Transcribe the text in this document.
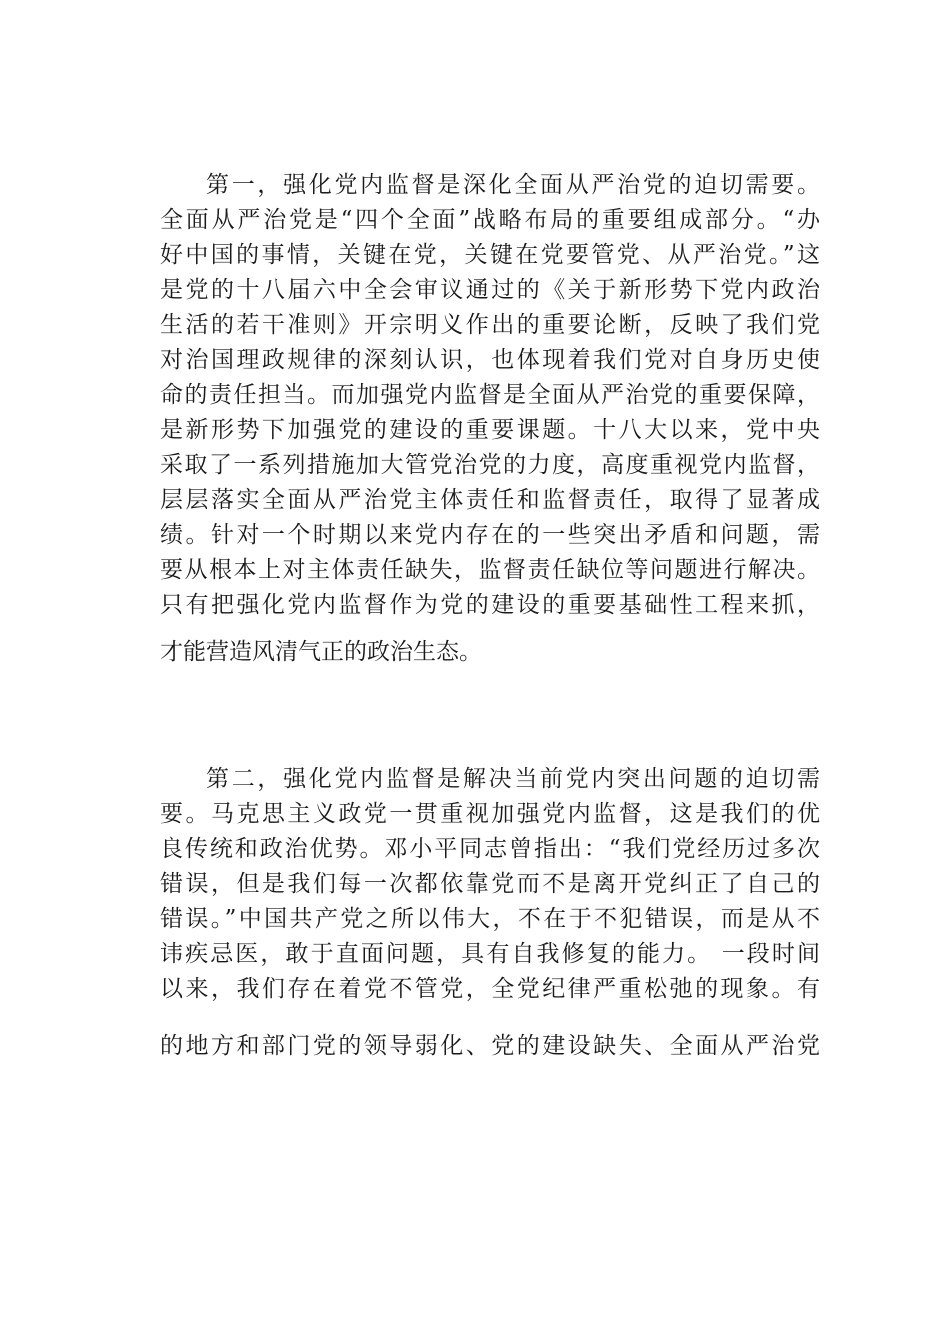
第一，强化党内监督是深化全面从严治党的迫切需要。
全面从严治党是“四个全面”战略布局的重要组成部分。“办
好中国的事情，关键在党，关键在党要管党、从严治党。”这
是党的十八届六中全会审议通过的《关于新形势下党内政治
生活的若干准则》开宗明义作出的重要论断，反映了我们党
对治国理政规律的深刻认识，也体现着我们党对自身历史使
命的责任担当。而加强党内监督是全面从严治党的重要保障，
是新形势下加强党的建设的重要课题。十八大以来，党中央
采取了一系列措施加大管党治党的力度，高度重视党内监督，
层层落实全面从严治党主体责任和监督责任，取得了显著成
绩。针对一个时期以来党内存在的一些突出矛盾和问题，需
要从根本上对主体责任缺失，监督责任缺位等问题进行解决。
只有把强化党内监督作为党的建设的重要基础性工程来抓，
才能营造风清气正的政治生态。
第二，强化党内监督是解决当前党内突出问题的迫切需
要。马克思主义政党一贯重视加强党内监督，这是我们的优
良传统和政治优势。邓小平同志曾指出：“我们党经历过多次
错误，但是我们每一次都依靠党而不是离开党纠正了自己的
错误。”中国共产党之所以伟大，不在于不犯错误，而是从不
讳疾忌医，敢于直面问题，具有自我修复的能力。 一段时间
以来，我们存在着党不管党，全党纪律严重松弛的现象。有
的地方和部门党的领导弱化、党的建设缺失、全面从严治党
